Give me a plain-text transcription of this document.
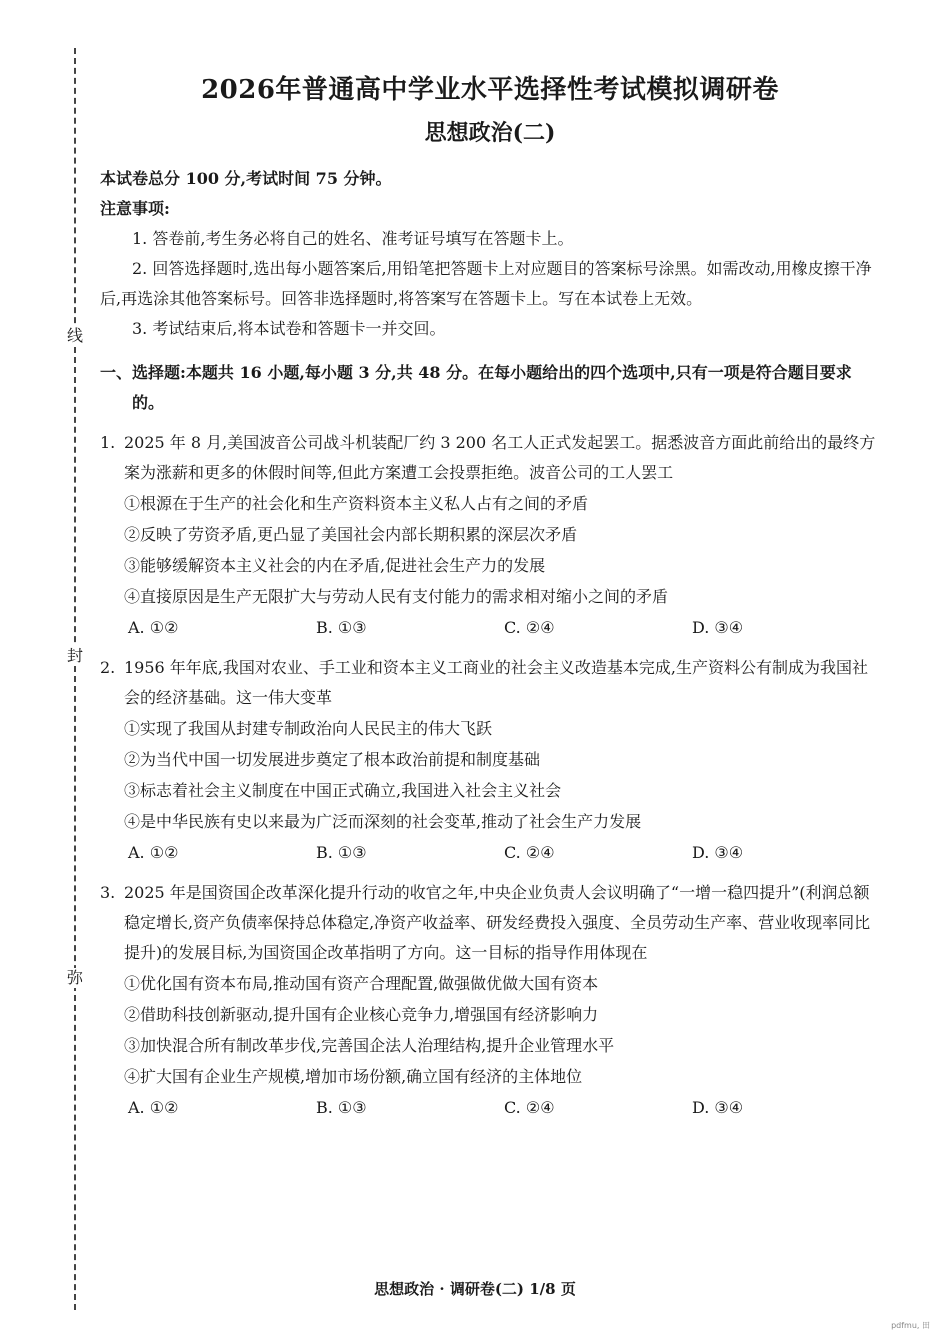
线
封
弥
2026年普通高中学业水平选择性考试模拟调研卷
思想政治(二)

本试卷总分 100 分,考试时间 75 分钟。

注意事项:

1. 答卷前,考生务必将自己的姓名、准考证号填写在答题卡上。

2. 回答选择题时,选出每小题答案后,用铅笔把答题卡上对应题目的答案标号涂黑。如需改动,用橡皮擦干净后,再选涂其他答案标号。回答非选择题时,将答案写在答题卡上。写在本试卷上无效。

3. 考试结束后,将本试卷和答题卡一并交回。

一、选择题:本题共 16 小题,每小题 3 分,共 48 分。在每小题给出的四个选项中,只有一项是符合题目要求的。

1. 2025 年 8 月,美国波音公司战斗机装配厂约 3 200 名工人正式发起罢工。据悉波音方面此前给出的最终方案为涨薪和更多的休假时间等,但此方案遭工会投票拒绝。波音公司的工人罢工

①根源在于生产的社会化和生产资料资本主义私人占有之间的矛盾
②反映了劳资矛盾,更凸显了美国社会内部长期积累的深层次矛盾
③能够缓解资本主义社会的内在矛盾,促进社会生产力的发展
④直接原因是生产无限扩大与劳动人民有支付能力的需求相对缩小之间的矛盾
A. ①②	B. ①③	C. ②④	D. ③④

2. 1956 年年底,我国对农业、手工业和资本主义工商业的社会主义改造基本完成,生产资料公有制成为我国社会的经济基础。这一伟大变革

①实现了我国从封建专制政治向人民民主的伟大飞跃
②为当代中国一切发展进步奠定了根本政治前提和制度基础
③标志着社会主义制度在中国正式确立,我国进入社会主义社会
④是中华民族有史以来最为广泛而深刻的社会变革,推动了社会生产力发展
A. ①②	B. ①③	C. ②④	D. ③④

3. 2025 年是国资国企改革深化提升行动的收官之年,中央企业负责人会议明确了“一增一稳四提升”(利润总额稳定增长,资产负债率保持总体稳定,净资产收益率、研发经费投入强度、全员劳动生产率、营业收现率同比提升)的发展目标,为国资国企改革指明了方向。这一目标的指导作用体现在

①优化国有资本布局,推动国有资产合理配置,做强做优做大国有资本
②借助科技创新驱动,提升国有企业核心竞争力,增强国有经济影响力
③加快混合所有制改革步伐,完善国企法人治理结构,提升企业管理水平
④扩大国有企业生产规模,增加市场份额,确立国有经济的主体地位
A. ①②	B. ①③	C. ②④	D. ③④
思想政治 · 调研卷(二) 1/8 页
pdfmu, 田
